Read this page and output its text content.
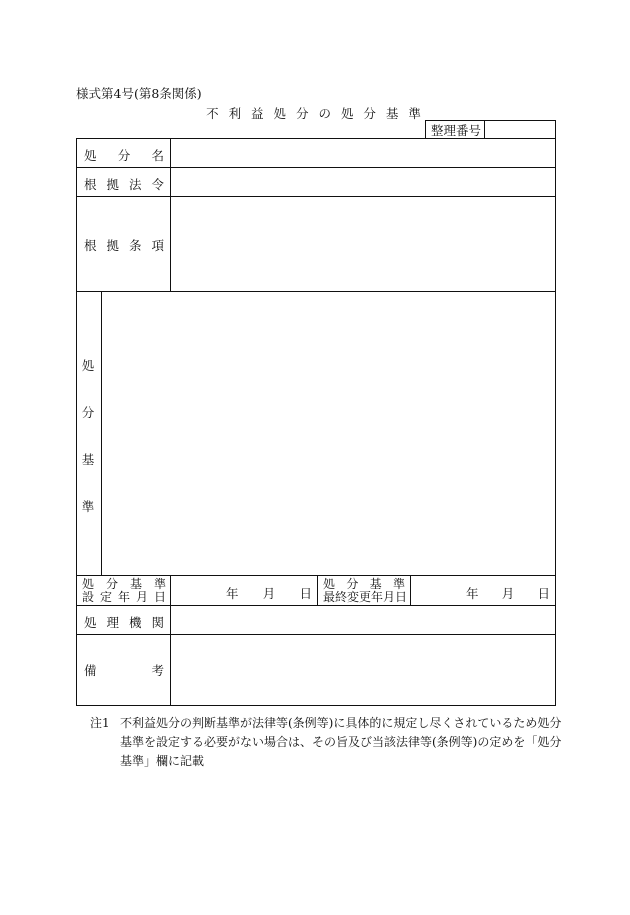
様式第4号(第8条関係)
不 利 益 処 分 の 処 分 基 準
整理番号
処 分 名
根 拠 法 令
根 拠 条 項
処
分
基
準
処 分 基 準
設 定 年 月 日	年 月 日
処 分 基 準
最終変更年月日	年 月 日
処 理 機 関
備	考
注1 不利益処分の判断基準が法律等(条例等)に具体的に規定し尽くされているため処分基準を設定する必要がない場合は、その旨及び当該法律等(条例等)の定めを「処分基準」欄に記載
